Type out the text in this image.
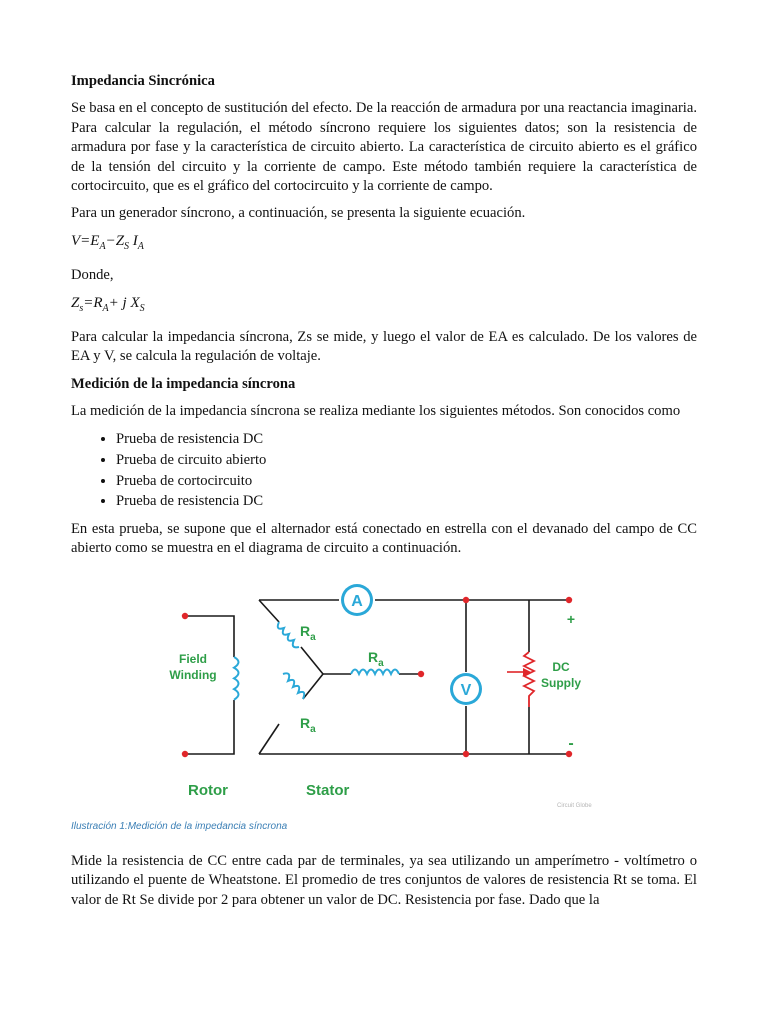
Impedancia Sincrónica

Se basa en el concepto de sustitución del efecto. De la reacción de armadura por una reactancia imaginaria. Para calcular la regulación, el método síncrono requiere los siguientes datos; son la resistencia de armadura por fase y la característica de circuito abierto. La característica de circuito abierto es el gráfico de la tensión del circuito y la corriente de campo. Este método también requiere la característica de cortocircuito, que es el gráfico del cortocircuito y la corriente de campo.

Para un generador síncrono, a continuación, se presenta la siguiente ecuación.

$V=E_A-Z_S$ $I_A$

Donde,

$Z_s=R_A+ j$ $X_S$

Para calcular la impedancia síncrona, Zs se mide, y luego el valor de EA es calculado. De los valores de EA y V, se calcula la regulación de voltaje.

Medición de la impedancia síncrona

La medición de la impedancia síncrona se realiza mediante los siguientes métodos. Son conocidos como

• Prueba de resistencia DC
• Prueba de circuito abierto
• Prueba de cortocircuito
• Prueba de resistencia DC

En esta prueba, se supone que el alternador está conectado en estrella con el devanado del campo de CC abierto como se muestra en el diagrama de circuito a continuación.

A
V
Field
Winding
$R_a$
$R_a$
$R_a$
DC
Supply
+
-
Rotor	Stator
Circuit Globe
Ilustración 1:Medición de la impedancia síncrona

Mide la resistencia de CC entre cada par de terminales, ya sea utilizando un amperímetro - voltímetro o utilizando el puente de Wheatstone. El promedio de tres conjuntos de valores de resistencia Rt se toma. El valor de Rt Se divide por 2 para obtener un valor de DC. Resistencia por fase. Dado que la
